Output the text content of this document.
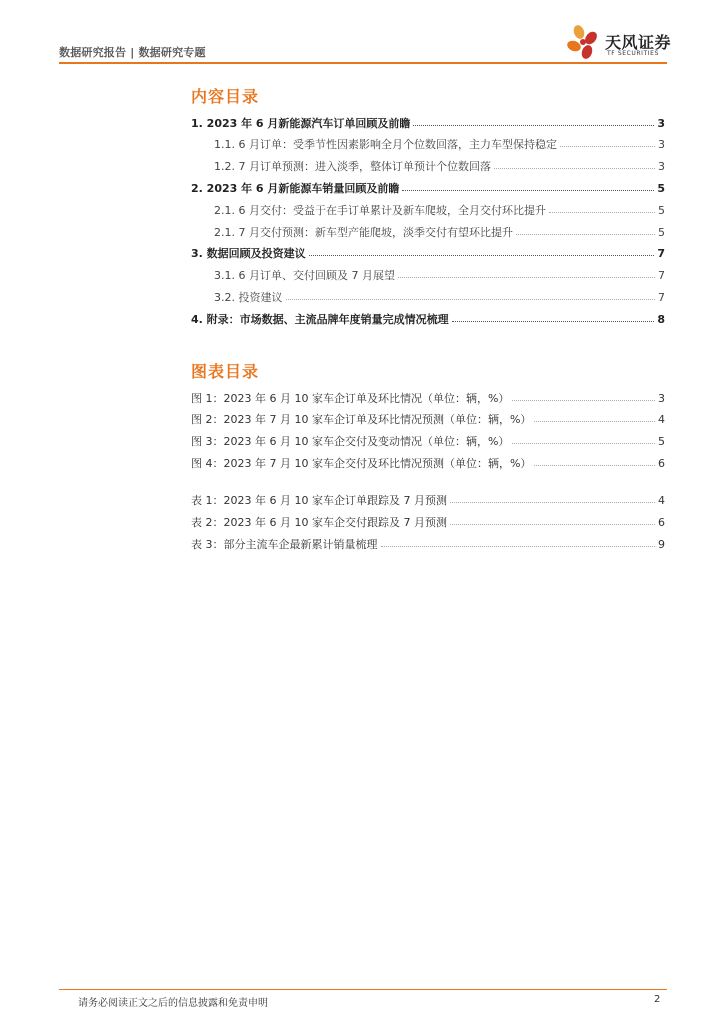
数据研究报告 | 数据研究专题
天风证券
TF SECURITIES
内容目录
1. 2023 年 6 月新能源汽车订单回顾及前瞻	3
1.1. 6 月订单：受季节性因素影响全月个位数回落，主力车型保持稳定	3
1.2. 7 月订单预测：进入淡季，整体订单预计个位数回落	3
2. 2023 年 6 月新能源车销量回顾及前瞻	5
2.1. 6 月交付：受益于在手订单累计及新车爬坡，全月交付环比提升	5
2.1. 7 月交付预测：新车型产能爬坡，淡季交付有望环比提升	5
3. 数据回顾及投资建议	7
3.1. 6 月订单、交付回顾及 7 月展望	7
3.2. 投资建议	7
4. 附录：市场数据、主流品牌年度销量完成情况梳理	8
图表目录
图 1：2023 年 6 月 10 家车企订单及环比情况（单位：辆，%）	3
图 2：2023 年 7 月 10 家车企订单及环比情况预测（单位：辆，%）	4
图 3：2023 年 6 月 10 家车企交付及变动情况（单位：辆，%）	5
图 4：2023 年 7 月 10 家车企交付及环比情况预测（单位：辆，%）	6
表 1：2023 年 6 月 10 家车企订单跟踪及 7 月预测	4
表 2：2023 年 6 月 10 家车企交付跟踪及 7 月预测	6
表 3：部分主流车企最新累计销量梳理	9
请务必阅读正文之后的信息披露和免责申明	2
